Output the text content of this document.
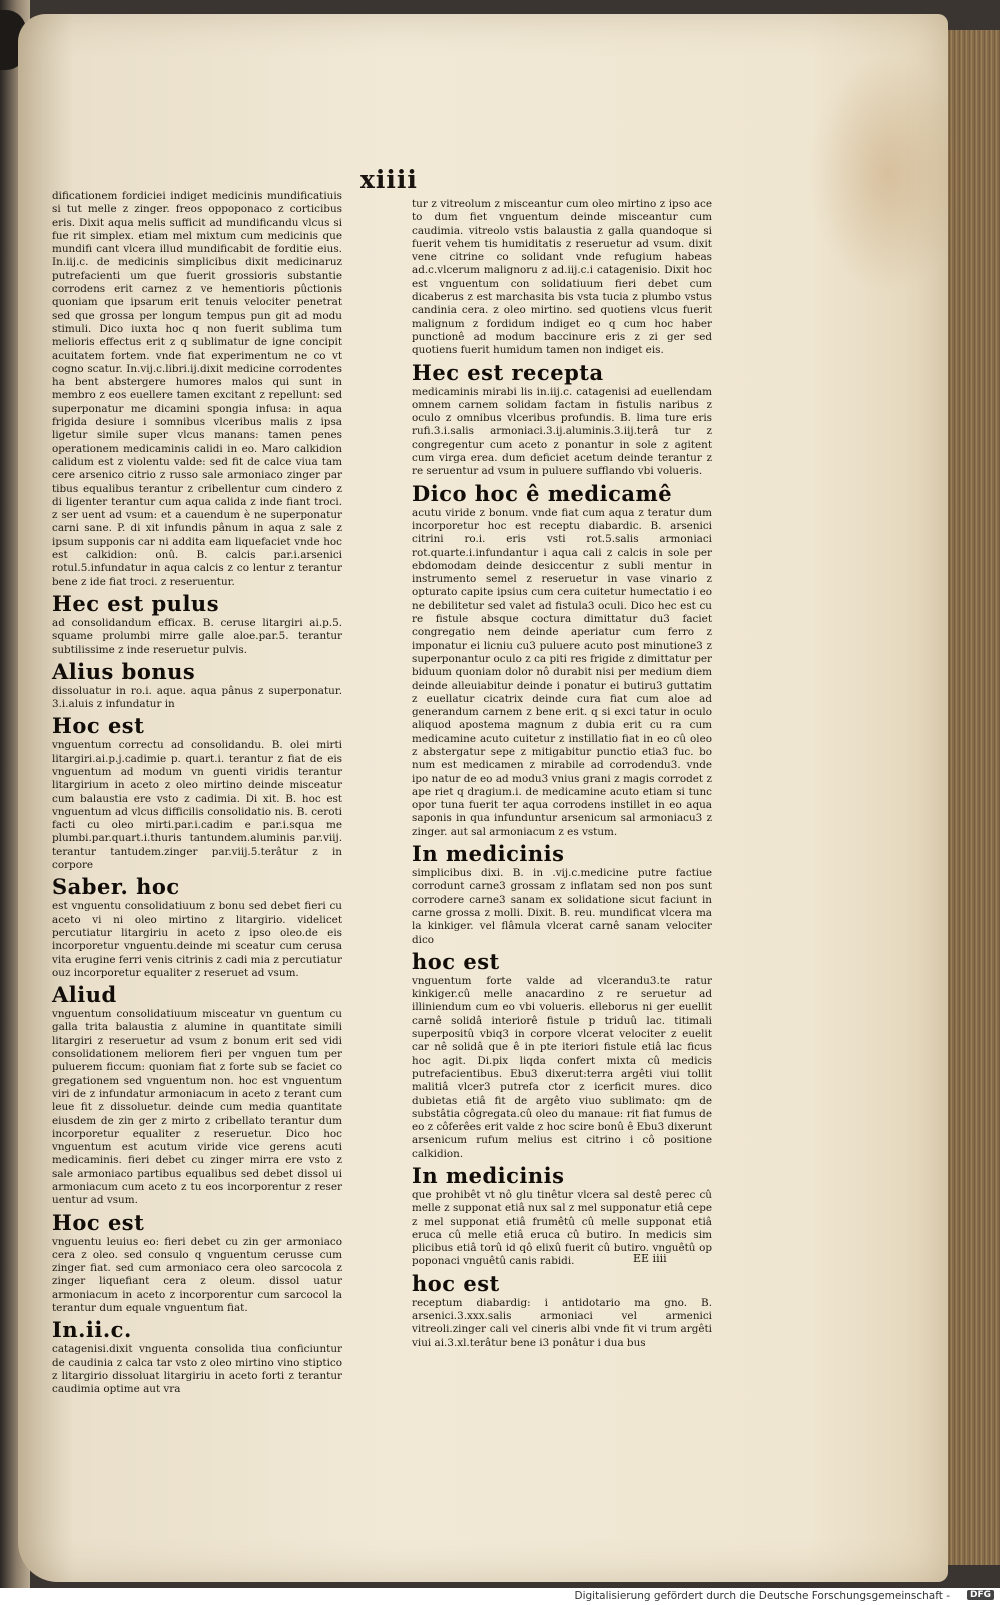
xiiii

dificationem fordiciei indiget medicinis mundificatiuis si tut melle z zinger. freos oppoponaco z corticibus eris. Dixit aqua melis sufficit ad mundificandu vlcus si fue rit simplex. etiam mel mixtum cum medicinis que mundifi cant vlcera illud mundificabit de forditie eius. In.iij.c. de medicinis simplicibus dixit medicinaruz putrefacienti um que fuerit grossioris substantie corrodens erit carnez z ve hementioris pûctionis quoniam que ipsarum erit tenuis velociter penetrat sed que grossa per longum tempus pun git ad modu stimuli. Dico iuxta hoc q non fuerit sublima tum melioris effectus erit z q sublimatur de igne concipit acuitatem fortem. vnde fiat experimentum ne co vt cogno scatur. In.vij.c.libri.ij.dixit medicine corrodentes ha bent abstergere humores malos qui sunt in membro z eos euellere tamen excitant z repellunt: sed superponatur me dicamini spongia infusa: in aqua frigida desiure i somnibus vlceribus malis z ipsa ligetur simile super vlcus manans: tamen penes operationem medicaminis calidi in eo. Maro calkidion calidum est z violentu valde: sed fit de calce viua tam cere arsenico citrio z russo sale armoniaco zinger par tibus equalibus terantur z cribellentur cum cindero z di ligenter terantur cum aqua calida z inde fiant troci. z ser uent ad vsum: et a cauendum è ne superponatur carni sane. P. di xit infundis pânum in aqua z sale z ipsum supponis car ni addita eam liquefaciet vnde hoc est calkidion: onû. B. calcis par.i.arsenici rotul.5.infundatur in aqua calcis z co lentur z terantur bene z ide fiat troci. z reseruentur.

Hec est pulus

ad consolidandum efficax. B. ceruse litargiri ai.p.5. squame prolumbi mirre galle aloe.par.5. terantur subtilissime z inde reseruetur pulvis.

Alius bonus

dissoluatur in ro.i. aque. aqua pânus z superponatur. 3.i.aluis z infundatur in

Hoc est

vnguentum correctu ad consolidandu. B. olei mirti litargiri.ai.p.j.cadimie p. quart.i. terantur z fiat de eis vnguentum ad modum vn guenti viridis terantur litargirium in aceto z oleo mirtino deinde misceatur cum balaustia ere vsto z cadimia. Di xit. B. hoc est vnguentum ad vlcus difficilis consolidatio nis. B. ceroti facti cu oleo mirti.par.i.cadim e par.i.squa me plumbi.par.quart.i.thuris tantundem.aluminis par.viij. terantur tantudem.zinger par.viij.5.terâtur z in corpore

Saber. hoc

est vnguentu consolidatiuum z bonu sed debet fieri cu aceto vi ni oleo mirtino z litargirio. videlicet percutiatur litargiriu in aceto z ipso oleo.de eis incorporetur vnguentu.deinde mi sceatur cum cerusa vita erugine ferri venis citrinis z cadi mia z percutiatur ouz incorporetur equaliter z reseruet ad vsum.

Aliud

vnguentum consolidatiuum misceatur vn guentum cu galla trita balaustia z alumine in quantitate simili litargiri z reseruetur ad vsum z bonum erit sed vidi consolidationem meliorem fieri per vnguen tum per puluerem ficcum: quoniam fiat z forte sub se faciet co gregationem sed vnguentum non. hoc est vnguentum viri de z infundatur armoniacum in aceto z terant cum leue fit z dissoluetur. deinde cum media quantitate eiusdem de zin ger z mirto z cribellato terantur dum incorporetur equaliter z reseruetur. Dico hoc vnguentum est acutum viride vice gerens acuti medicaminis. fieri debet cu zinger mirra ere vsto z sale armoniaco partibus equalibus sed debet dissol ui armoniacum cum aceto z tu eos incorporentur z reser uentur ad vsum.

Hoc est

vnguentu leuius eo: fieri debet cu zin ger armoniaco cera z oleo. sed consulo q vnguentum cerusse cum zinger fiat. sed cum armoniaco cera oleo sarcocola z zinger liquefiant cera z oleum. dissol uatur armoniacum in aceto z incorporentur cum sarcocol la terantur dum equale vnguentum fiat.

In.ii.c.

catagenisi.dixit vnguenta consolida tiua conficiuntur de caudinia z calca tar vsto z oleo mirtino vino stiptico z litargirio dissoluat litargiriu in aceto forti z terantur caudimia optime aut vra

tur z vitreolum z misceantur cum oleo mirtino z ipso ace to dum fiet vnguentum deinde misceantur cum caudimia. vitreolo vstis balaustia z galla quandoque si fuerit vehem tis humiditatis z reseruetur ad vsum. dixit vene citrine co solidant vnde refugium habeas ad.c.vlcerum malignoru z ad.iij.c.i catagenisio. Dixit hoc est vnguentum con solidatiuum fieri debet cum dicaberus z est marchasita bis vsta tucia z plumbo vstus candinia cera. z oleo mirtino. sed quotiens vlcus fuerit malignum z fordidum indiget eo q cum hoc haber punctionê ad modum baccinure eris z zi ger sed quotiens fuerit humidum tamen non indiget eis.

Hec est recepta

medicaminis mirabi lis in.iij.c. catagenisi ad euellendam omnem carnem solidam factam in fistulis naribus z oculo z omnibus vlceribus profundis. B. lima ture eris rufi.3.i.salis armoniaci.3.ij.aluminis.3.iij.terâ tur z congregentur cum aceto z ponantur in sole z agitent cum virga erea. dum deficiet acetum deinde terantur z re seruentur ad vsum in puluere sufflando vbi volueris.

Dico hoc ê medicamê

acutu viride z bonum. vnde fiat cum aqua z teratur dum incorporetur hoc est receptu diabardic. B. arsenici citrini ro.i. eris vsti rot.5.salis armoniaci rot.quarte.i.infundantur i aqua cali z calcis in sole per ebdomodam deinde desiccentur z subli mentur in instrumento semel z reseruetur in vase vinario z opturato capite ipsius cum cera cuitetur humectatio i eo ne debilitetur sed valet ad fistula3 oculi. Dico hec est cu re fistule absque coctura dimittatur du3 faciet congregatio nem deinde aperiatur cum ferro z imponatur ei licniu cu3 puluere acuto post minutione3 z superponantur oculo z ca piti res frigide z dimittatur per biduum quoniam dolor nô durabit nisi per medium diem deinde alleuiabitur deinde i ponatur ei butiru3 guttatim z euellatur cicatrix deinde cura fiat cum aloe ad generandum carnem z bene erit. q si exci tatur in oculo aliquod apostema magnum z dubia erit cu ra cum medicamine acuto cuitetur z instillatio fiat in eo cû oleo z abstergatur sepe z mitigabitur punctio etia3 fuc. bo num est medicamen z mirabile ad corrodendu3. vnde ipo natur de eo ad modu3 vnius grani z magis corrodet z ape riet q dragium.i. de medicamine acuto etiam si tunc opor tuna fuerit ter aqua corrodens instillet in eo aqua saponis in qua infunduntur arsenicum sal armoniacu3 z zinger. aut sal armoniacum z es vstum.

In medicinis

simplicibus dixi. B. in .vij.c.medicine putre factiue corrodunt carne3 grossam z inflatam sed non pos sunt corrodere carne3 sanam ex solidatione sicut faciunt in carne grossa z molli. Dixit. B. reu. mundificat vlcera ma la kinkiger. vel flâmula vlcerat carnê sanam velociter dico

hoc est

vnguentum forte valde ad vlcerandu3.te ratur kinkiger.cû melle anacardino z re seruetur ad illiniendum cum eo vbi volueris. elleborus ni ger euellit carnê solidâ interiorê fistule p triduû lac. titimali superpositû vbiq3 in corpore vlcerat velociter z euelit car nê solidâ que ê in pte iteriori fistule etiâ lac ficus hoc agit. Di.pix liqda confert mixta cû medicis putrefacientibus. Ebu3 dixerut:terra argêti viui tollit malitiâ vlcer3 putrefa ctor z icerficit mures. dico dubietas etiâ fit de argêto viuo sublimato: qm de substâtia côgregata.cû oleo du manaue: rit fiat fumus de eo z côferêes erit valde z hoc scire bonû ê Ebu3 dixerunt arsenicum rufum melius est citrino i cô positione calkidion.

In medicinis

que prohibêt vt nô glu tinêtur vlcera sal destê perec cû melle z supponat etiâ nux sal z mel supponatur etiâ cepe z mel supponat etiâ frumêtû cû melle supponat etiâ eruca cû melle etiâ eruca cû butiro. In medicis sim plicibus etiâ torû id qô elixû fuerit cû butiro. vnguêtû op poponaci vnguêtû canis rabidi.

hoc est

receptum diabardig: i antidotario ma gno. B. arsenici.3.xxx.salis armoniaci vel armenici vitreoli.zinger cali vel cineris albi vnde fit vi trum argêti viui ai.3.xl.terâtur bene i3 ponâtur i dua bus

EE iiii
Digitalisierung gefördert durch die Deutsche Forschungsgemeinschaft -	DFG
